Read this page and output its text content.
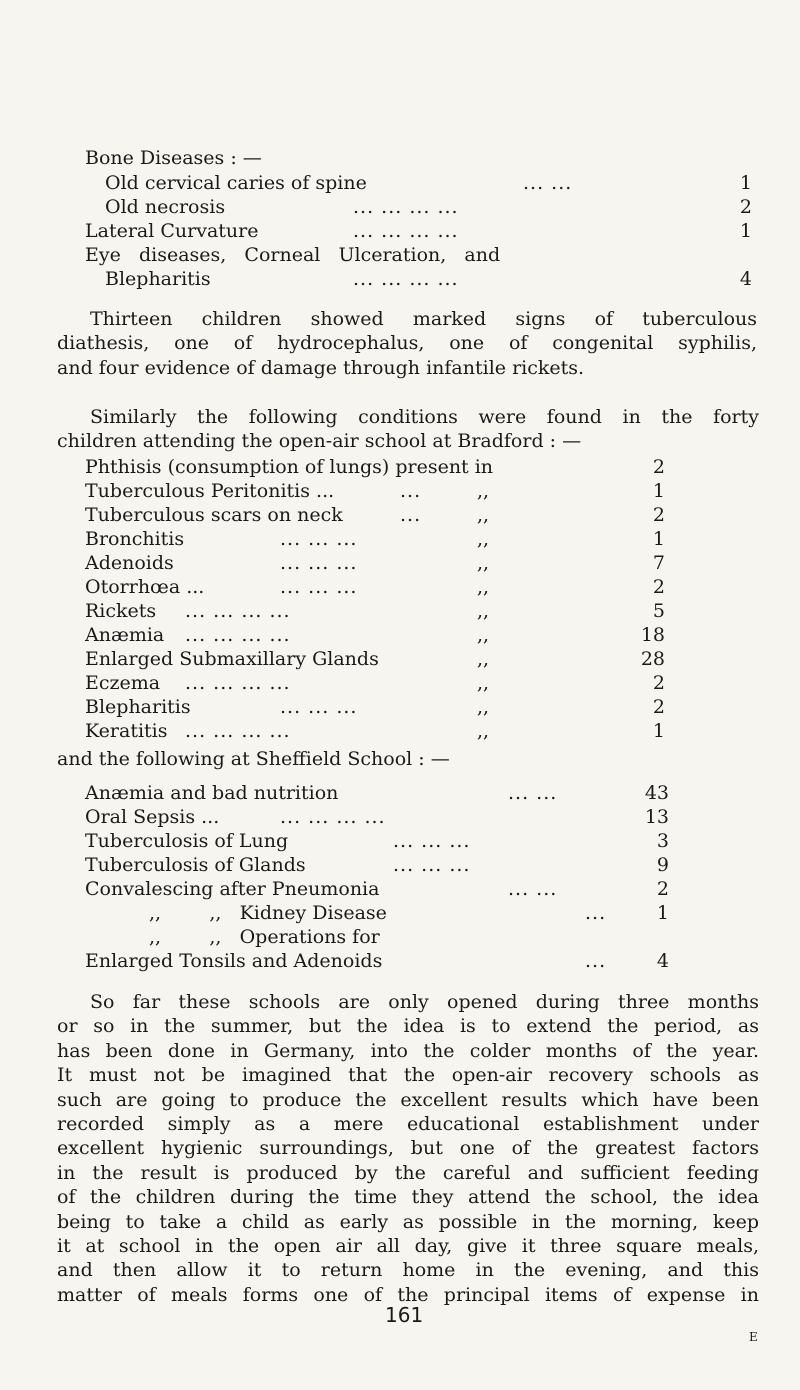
Bone Diseases : —
Old cervical caries of spine	... ...	1
Old necrosis	... ... ... ...	2
Lateral Curvature	... ... ... ...	1
Eye   diseases,   Corneal   Ulceration,   and
Blepharitis	... ... ... ...	4
Thirteen children showed marked signs of tuberculous
diathesis, one of hydrocephalus, one of congenital syphilis,
and four evidence of damage through infantile rickets.
Similarly the following conditions were found in the forty
children attending the open-air school at Bradford : —
Phthisis (consumption of lungs) present in	2
Tuberculous Peritonitis ...	...	,,	1
Tuberculous scars on neck	...	,,	2
Bronchitis	... ... ...	,,	1
Adenoids	... ... ...	,,	7
Otorrhœa ...	... ... ...	,,	2
Rickets ... ... ... ...	,,	5
Anæmia ... ... ... ...	,,	18
Enlarged Submaxillary Glands	,,	28
Eczema ... ... ... ...	,,	2
Blepharitis	... ... ...	,,	2
Keratitis ... ... ... ...	,,	1
and the following at Sheffield School : —
Anæmia and bad nutrition	... ...	43
Oral Sepsis ...	... ... ... ...	13
Tuberculosis of Lung	... ... ...	3
Tuberculosis of Glands	... ... ...	9
Convalescing after Pneumonia	... ...	2
,,        ,,   Kidney Disease	...	1
,,        ,,   Operations for
Enlarged Tonsils and Adenoids	...	4
So far these schools are only opened during three months
or so in the summer, but the idea is to extend the period, as
has been done in Germany, into the colder months of the year.
It must not be imagined that the open-air recovery schools as
such are going to produce the excellent results which have been
recorded simply as a mere educational establishment under
excellent hygienic surroundings, but one of the greatest factors
in the result is produced by the careful and sufficient feeding
of the children during the time they attend the school, the idea
being to take a child as early as possible in the morning, keep
it at school in the open air all day, give it three square meals,
and then allow it to return home in the evening, and this
matter of meals forms one of the principal items of expense in
161
E
